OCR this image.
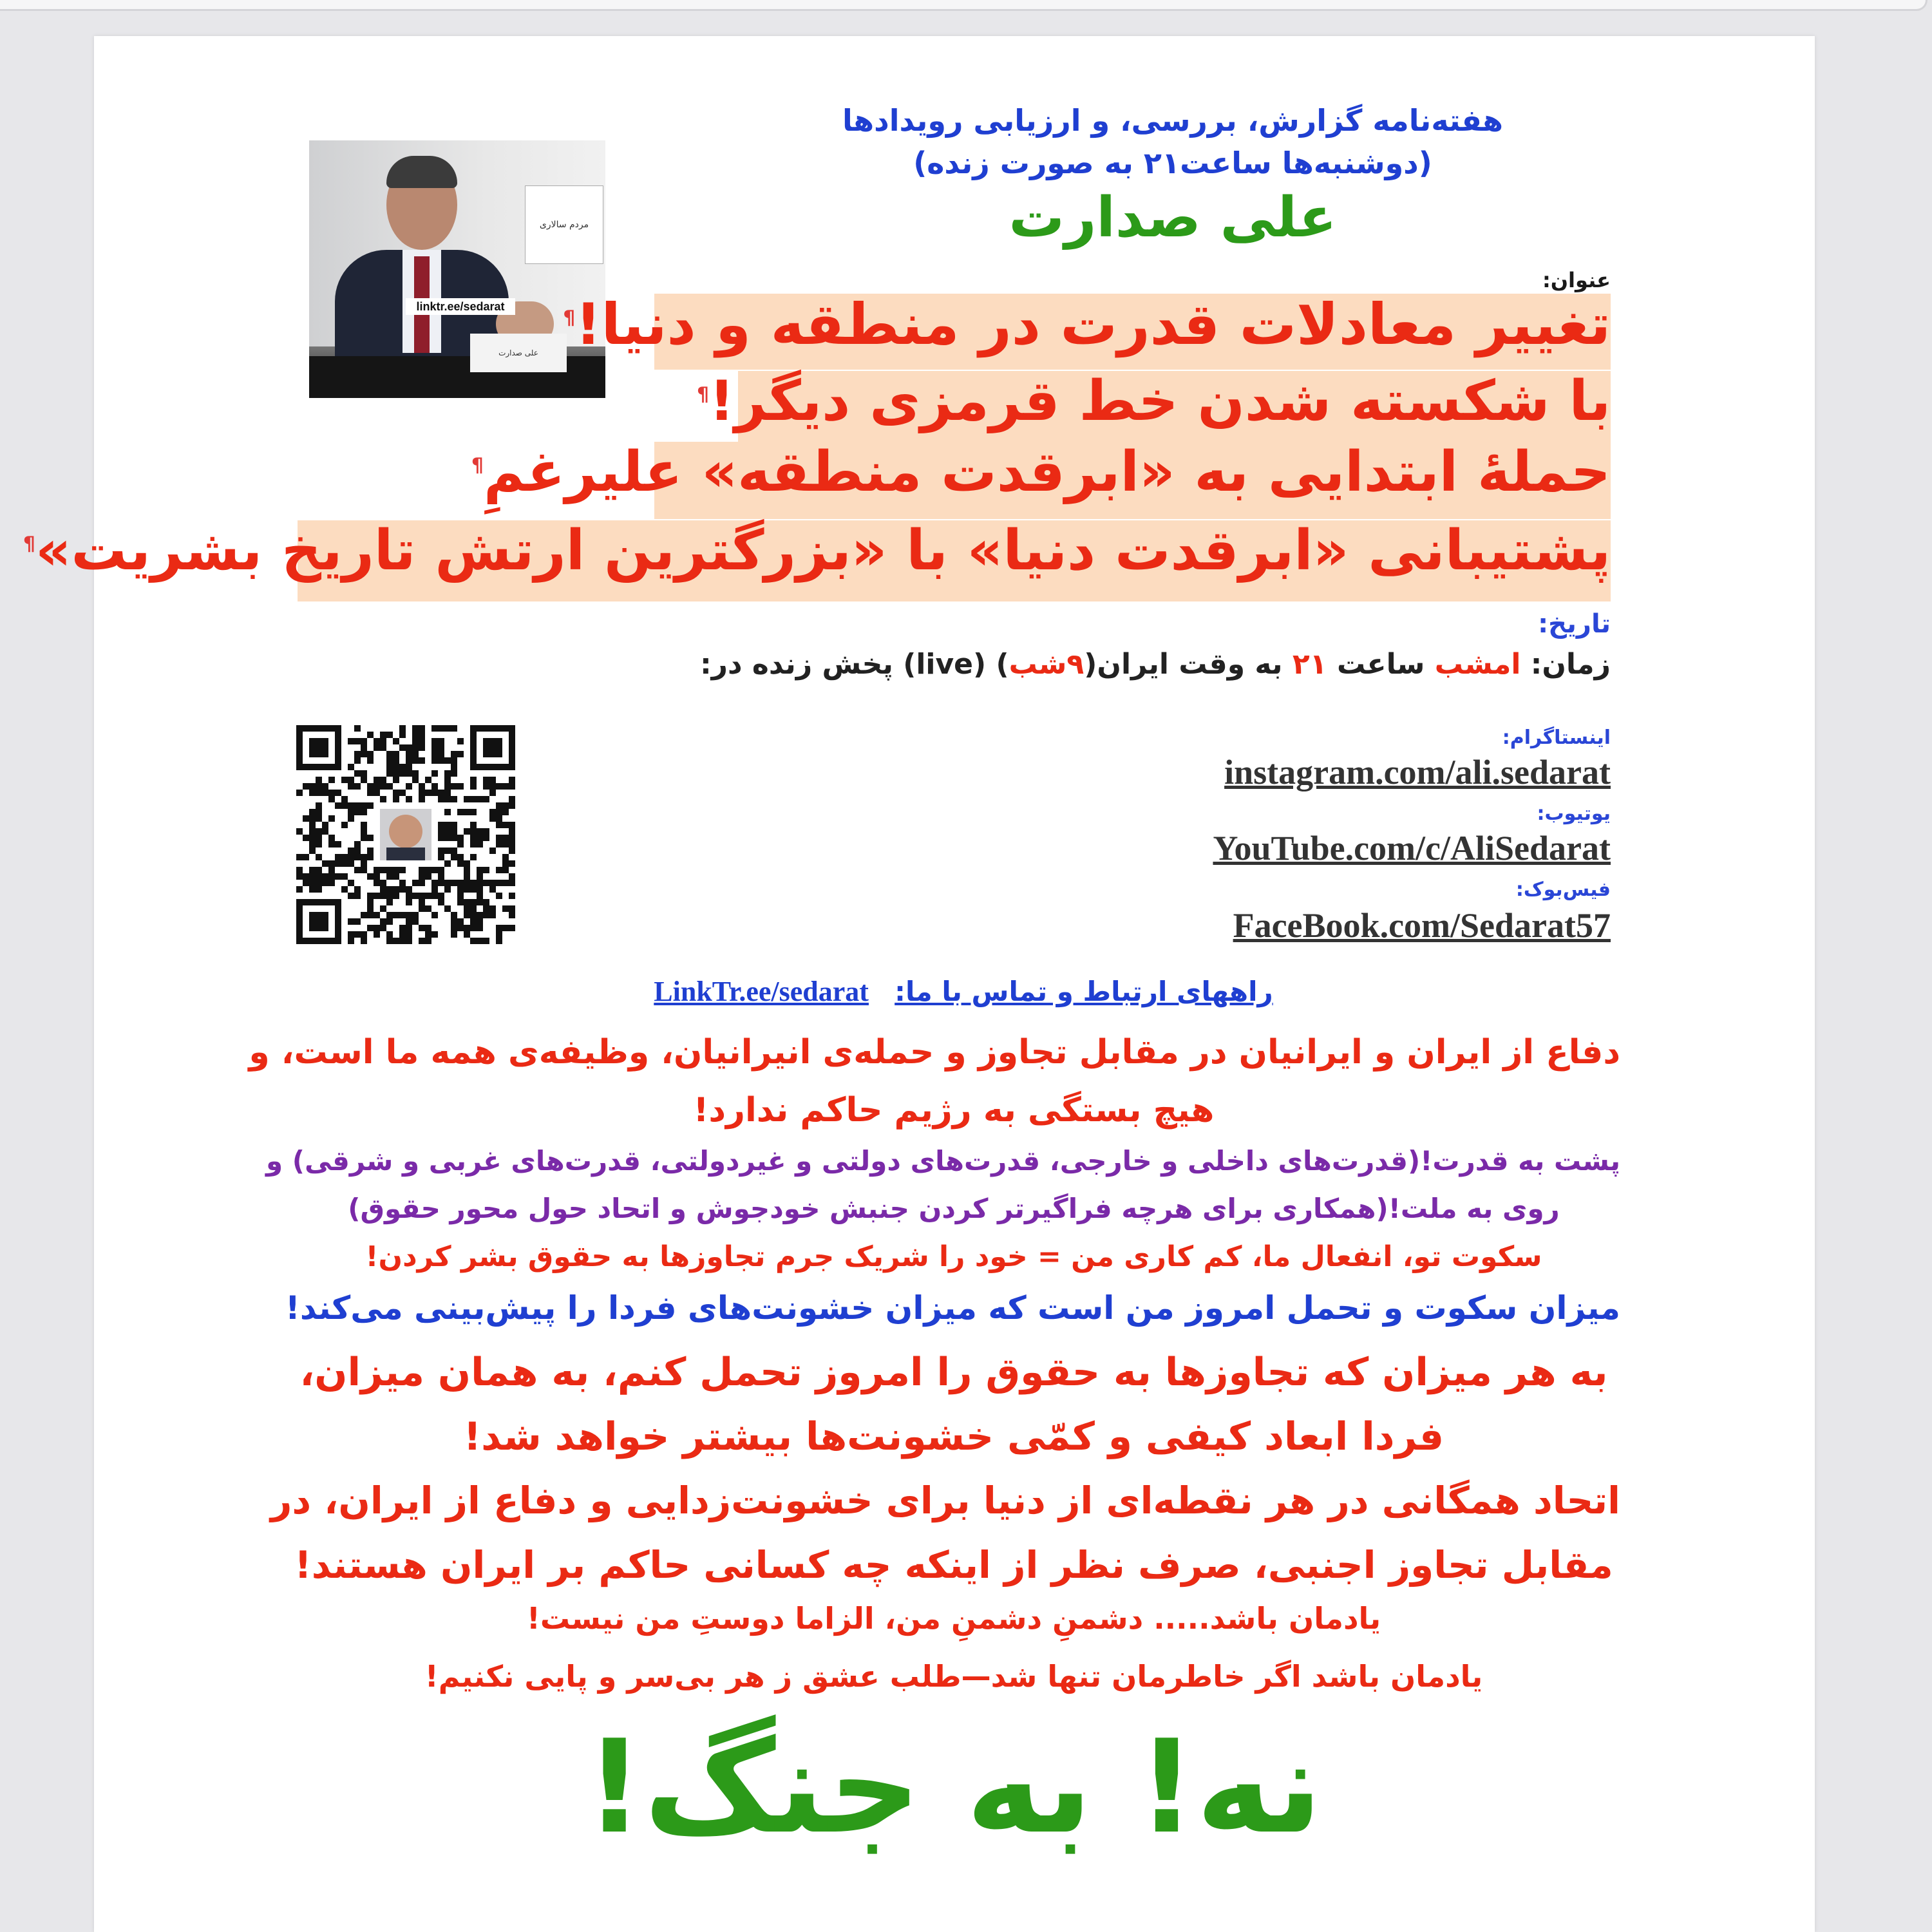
هفته‌نامه گزارش، بررسی، و ارزیابی رویدادها
(دوشنبه‌ها ساعت۲۱ به صورت زنده)
علی صدارت
مردم سالاری
linktr.ee/sedarat
علی صدارت
عنوان:
تغییر معادلات قدرت در منطقه و دنیا!¶
با شکسته شدن خط قرمزی دیگر!¶
حملهٔ ابتدایی به «ابرقدت منطقه» علیرغمِ¶
پشتیبانی «ابرقدت دنیا» با «بزرگترین ارتش تاریخ بشریت»¶
تاریخ:
زمان: امشب ساعت ۲۱ به وقت ایران(۹شب) (live) پخش زنده در:
اینستاگرام:
instagram.com/ali.sedarat
یوتیوب:
YouTube.com/c/AliSedarat
فیس‌بوک:
FaceBook.com/Sedarat57
LinkTr.ee/sedarat راههای ارتباط و تماس با ما:
دفاع از ایران و ایرانیان در مقابل تجاوز و حمله‌ی انیرانیان، وظیفه‌ی همه ما است، و
هیچ بستگی به رژیم حاکم ندارد!
پشت به قدرت!(قدرت‌های داخلی و خارجی، قدرت‌های دولتی و غیردولتی، قدرت‌های غربی و شرقی) و
روی به ملت!(همکاری برای هرچه فراگیرتر کردن جنبش خودجوش و اتحاد حول محور حقوق)
سکوت تو، انفعال ما، کم کاری من = خود را شریک جرم تجاوزها به حقوق بشر کردن!
میزان سکوت و تحمل امروز من است که میزان خشونت‌های فردا را پیش‌بینی می‌کند!
به هر میزان که تجاوزها به حقوق را امروز تحمل کنم، به همان میزان،
فردا ابعاد کیفی و کمّی خشونت‌ها بیشتر خواهد شد!
اتحاد همگانی در هر نقطه‌ای از دنیا برای خشونت‌زدایی و دفاع از ایران، در
مقابل تجاوز اجنبی، صرف نظر از اینکه چه کسانی حاکم بر ایران هستند!
یادمان باشد..... دشمنِ دشمنِ من، الزاما دوستِ من نیست!
یادمان باشد اگر خاطرمان تنها شد—طلب عشق ز هر بی‌سر و پایی نکنیم!
نه! به جنگ!
